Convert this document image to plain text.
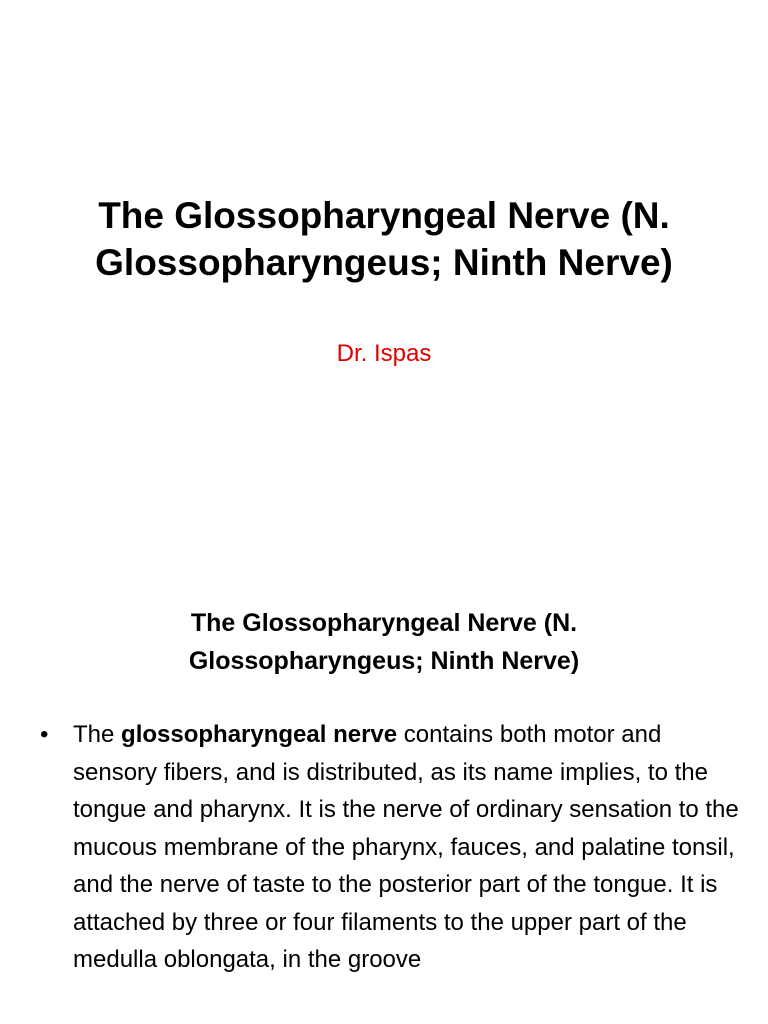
The Glossopharyngeal Nerve (N. Glossopharyngeus; Ninth Nerve)

Dr. Ispas

The Glossopharyngeal Nerve (N.
Glossopharyngeus; Ninth Nerve)
• The glossopharyngeal nerve contains both motor and sensory fibers, and is distributed, as its name implies, to the tongue and pharynx. It is the nerve of ordinary sensation to the mucous membrane of the pharynx, fauces, and palatine tonsil, and the nerve of taste to the posterior part of the tongue. It is attached by three or four filaments to the upper part of the medulla oblongata, in the groove
